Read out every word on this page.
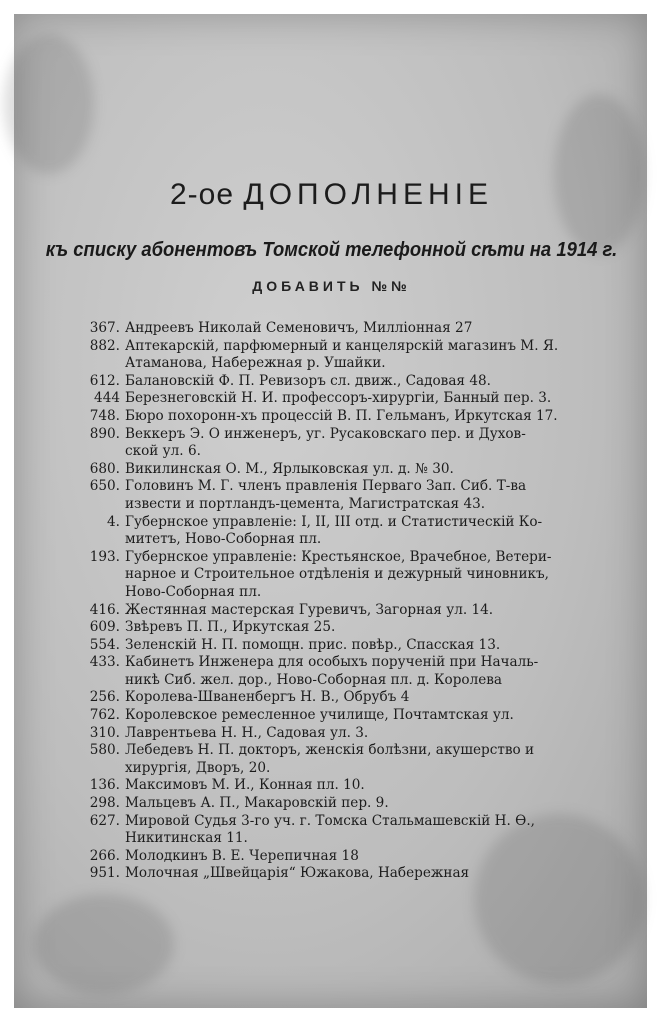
2-ое ДОПОЛНЕНІЕ
къ списку абонентовъ Томской телефонной сѣти на 1914 г.
ДОБАВИТЬ №№
367. Андреевъ Николай Семеновичъ, Милліонная 27
882. Аптекарскій, парфюмерный и канцелярскій магазинъ М. Я.
Атаманова, Набережная р. Ушайки.
612. Балановскій Ф. П. Ревизоръ сл. движ., Садовая 48.
444 Березнеговскій Н. И. профессоръ-хирургіи, Банный пер. 3.
748. Бюро похоронн-хъ процессій В. П. Гельманъ, Иркутская 17.
890. Веккеръ Э. О инженеръ, уг. Русаковскаго пер. и Духов-
ской ул. 6.
680. Викилинская О. М., Ярлыковская ул. д. № 30.
650. Головинъ М. Г. членъ правленія Перваго Зап. Сиб. Т-ва
извести и портландъ-цемента, Магистратская 43.
4. Губернское управленіе: I, II, III отд. и Статистическій Ко-
митетъ, Ново-Соборная пл.
193. Губернское управленіе: Крестьянское, Врачебное, Ветери-
нарное и Строительное отдѣленія и дежурный чиновникъ,
Ново-Соборная пл.
416. Жестянная мастерская Гуревичъ, Загорная ул. 14.
609. Звѣревъ П. П., Иркутская 25.
554. Зеленскій Н. П. помощн. прис. повѣр., Спасская 13.
433. Кабинетъ Инженера для особыхъ порученій при Началь-
никѣ Сиб. жел. дор., Ново-Соборная пл. д. Королева
256. Королева-Шваненбергъ Н. В., Обрубъ 4
762. Королевское ремесленное училище, Почтамтская ул.
310. Лаврентьева Н. Н., Садовая ул. 3.
580. Лебедевъ Н. П. докторъ, женскія болѣзни, акушерство и
хирургія, Дворъ, 20.
136. Максимовъ М. И., Конная пл. 10.
298. Мальцевъ А. П., Макаровскій пер. 9.
627. Мировой Судья 3-го уч. г. Томска Стальмашевскій Н. Ѳ.,
Никитинская 11.
266. Молодкинъ В. Е. Черепичная 18
951. Молочная „Швейцарія“ Южакова, Набережная
